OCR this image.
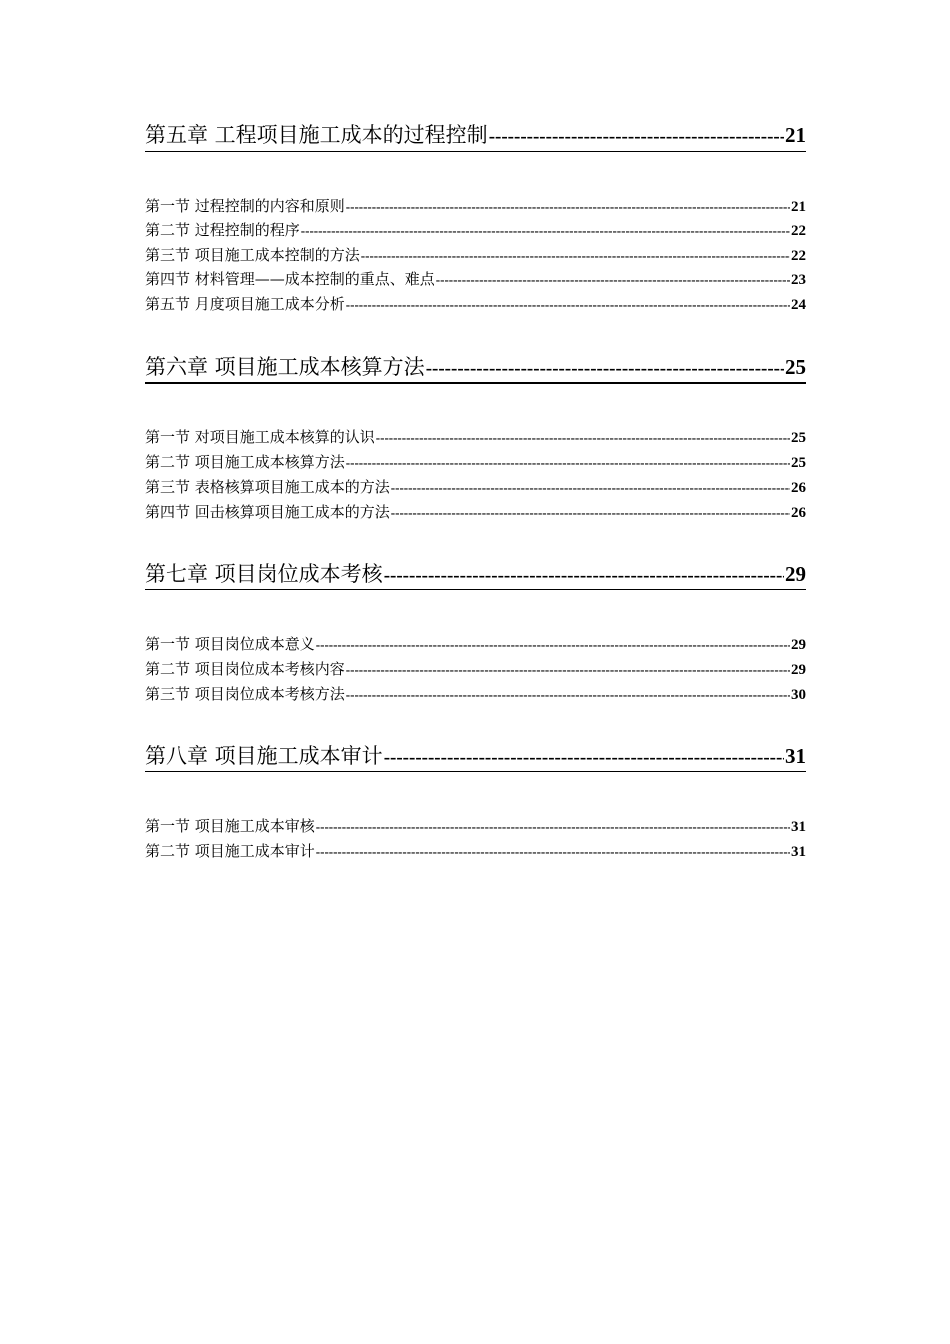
第五章 工程项目施工成本的过程控制 -----	21
第一节 过程控制的内容和原则 -----	21
第二节 过程控制的程序 -----	22
第三节 项目施工成本控制的方法 -----	22
第四节 材料管理——成本控制的重点、难点 -----	23
第五节 月度项目施工成本分析 -----	24
第六章 项目施工成本核算方法 -----	25
第一节 对项目施工成本核算的认识 -----	25
第二节 项目施工成本核算方法 -----	25
第三节 表格核算项目施工成本的方法 -----	26
第四节 回击核算项目施工成本的方法 -----	26
第七章 项目岗位成本考核 -----	29
第一节 项目岗位成本意义 -----	29
第二节 项目岗位成本考核内容 -----	29
第三节 项目岗位成本考核方法 -----	30
第八章 项目施工成本审计 -----	31
第一节 项目施工成本审核 -----	31
第二节 项目施工成本审计 -----	31
